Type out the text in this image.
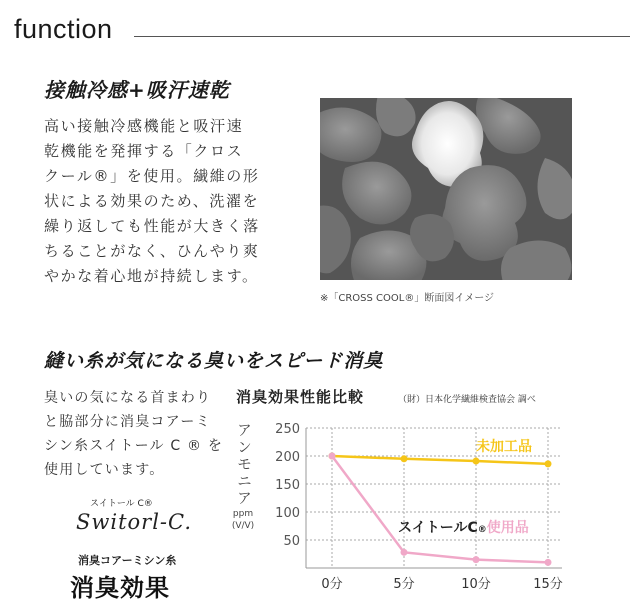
function
接触冷感+吸汗速乾
高い接触冷感機能と吸汗速
乾機能を発揮する「クロス
クール®」を使用。繊維の形
状による効果のため、洗濯を
繰り返しても性能が大きく落
ちることがなく、ひんやり爽
やかな着心地が持続します。
※「CROSS COOL®」断面図イメージ
縫い糸が気になる臭いをスピード消臭
臭いの気になる首まわり
と脇部分に消臭コアーミ
シン糸スイトール C ® を
使用しています。
スイトール C®
Switorl-C.
消臭コアーミシン糸
消臭効果
消臭効果性能比較	（財）日本化学繊維検査協会 調べ
アンモニア
ppm (V/V)
50
100
150
200
250
0分	5分	10分	15分
未加工品
スイトールC®使用品
